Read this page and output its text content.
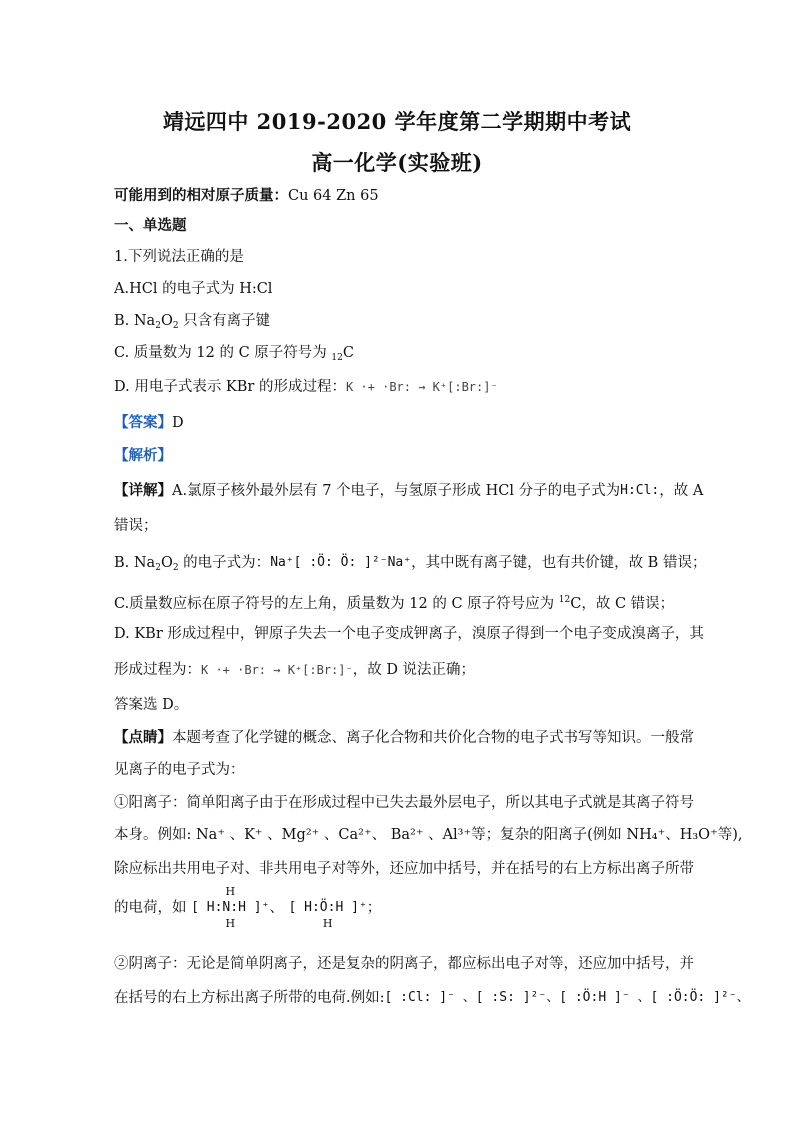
靖远四中 2019-2020 学年度第二学期期中考试
高一化学(实验班)
可能用到的相对原子质量：Cu 64 Zn 65
一、单选题
1.下列说法正确的是
A.HCl 的电子式为 H:Cl
B. $Na_2O_2$ 只含有离子键
C. 质量数为 12 的 C 原子符号为 $_{12}$C
D. 用电子式表示 KBr 的形成过程：K ·+ ·Br: → K⁺[:Br:]⁻
【答案】D
【解析】
【详解】A.氯原子核外最外层有 7 个电子，与氢原子形成 HCl 分子的电子式为H:Cl:，故 A
错误；
B. $Na_2O_2$ 的电子式为：Na⁺[ :Ö: Ö: ]²⁻Na⁺，其中既有离子键，也有共价键，故 B 错误；
C.质量数应标在原子符号的左上角，质量数为 12 的 C 原子符号应为 $^{12}$C，故 C 错误；
D. KBr 形成过程中，钾原子失去一个电子变成钾离子，溴原子得到一个电子变成溴离子，其
形成过程为：K ·+ ·Br: → K⁺[:Br:]⁻，故 D 说法正确；
答案选 D。
【点睛】本题考查了化学键的概念、离子化合物和共价化合物的电子式书写等知识。一般常
见离子的电子式为：
①阳离子：简单阳离子由于在形成过程中已失去最外层电子，所以其电子式就是其离子符号
本身。例如: Na⁺ 、K⁺ 、Mg²⁺ 、Ca²⁺、 Ba²⁺ 、Al³⁺等；复杂的阳离子(例如 NH₄⁺、H₃O⁺等),
除应标出共用电子对、非共用电子对等外，还应加中括号，并在括号的右上方标出离子所带
的电荷，如
H
[ H:N:H ]⁺
H
、 [ H:Ö:H ]⁺
H
；
②阴离子：无论是简单阴离子，还是复杂的阴离子，都应标出电子对等，还应加中括号，并
在括号的右上方标出离子所带的电荷.例如:[ :Cl: ]⁻ 、[ :S: ]²⁻、[ :Ö:H ]⁻ 、[ :Ö:Ö: ]²⁻、
